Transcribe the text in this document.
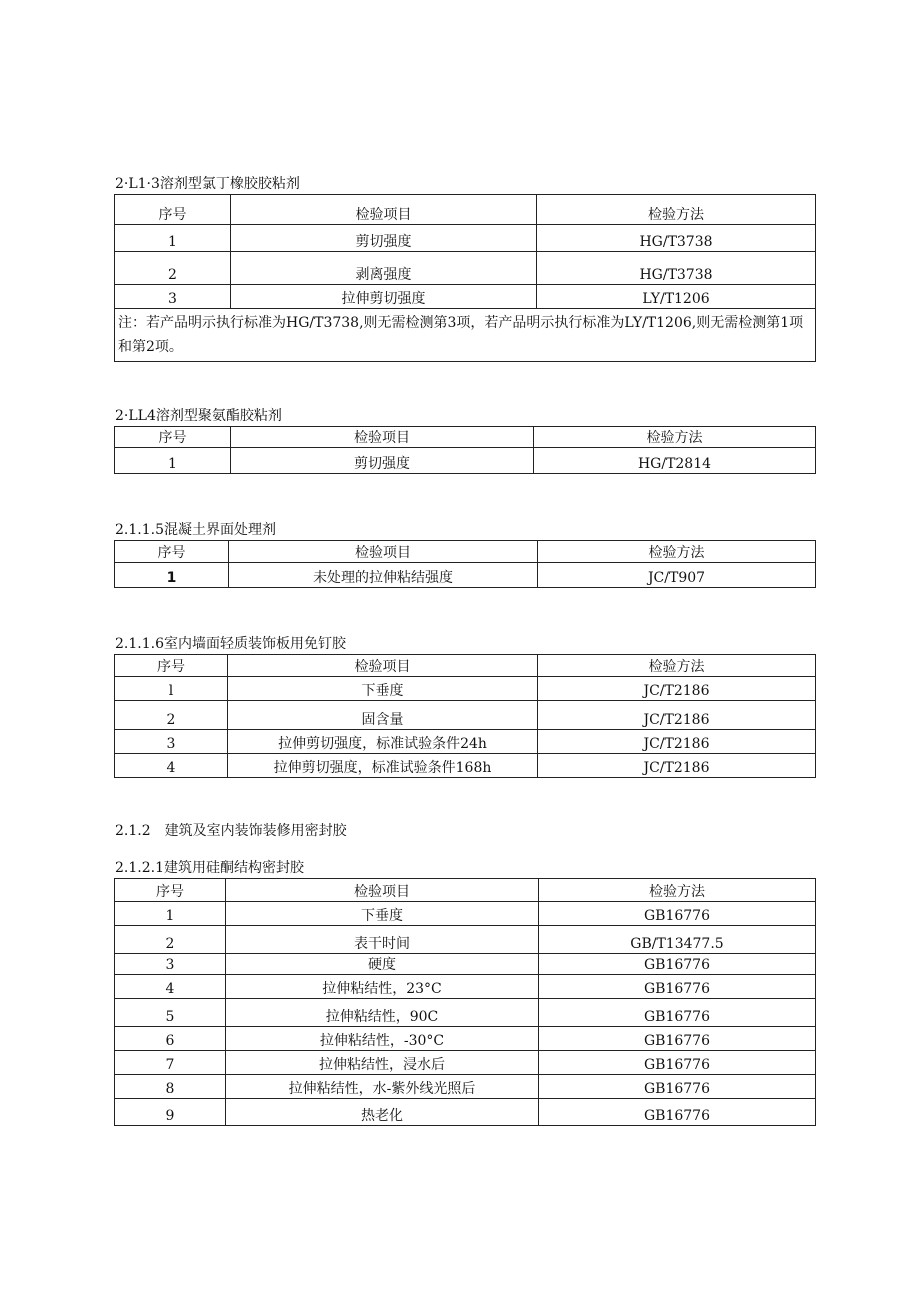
2·L1·3溶剂型氯丁橡胶胶粘剂
序号	检验项目	检验方法
1	剪切强度	HG/T3738
2	剥离强度	HG/T3738
3	拉伸剪切强度	LY/T1206
注：若产品明示执行标准为HG/T3738,则无需检测第3项，若产品明示执行标准为LY/T1206,则无需检测第1项和第2项。		
2·LL4溶剂型聚氨酯胶粘剂
序号	检验项目	检验方法
1	剪切强度	HG/T2814
2.1.1.5混凝土界面处理剂
序号	检验项目	检验方法
1	未处理的拉伸粘结强度	JC/T907
2.1.1.6室内墙面轻质装饰板用免钉胶
序号	检验项目	检验方法
l	下垂度	JC/T2186
2	固含量	JC/T2186
3	拉伸剪切强度，标准试验条件24h	JC/T2186
4	拉伸剪切强度，标准试验条件168h	JC/T2186
2.1.2　建筑及室内装饰装修用密封胶
2.1.2.1建筑用硅酮结构密封胶
序号	检验项目	检验方法
1	下垂度	GB16776
2	表干时间	GB/T13477.5
3	硬度	GB16776
4	拉伸粘结性，23°C	GB16776
5	拉伸粘结性，90C	GB16776
6	拉伸粘结性，-30°C	GB16776
7	拉伸粘结性，浸水后	GB16776
8	拉伸粘结性，水-紫外线光照后	GB16776
9	热老化	GB16776
